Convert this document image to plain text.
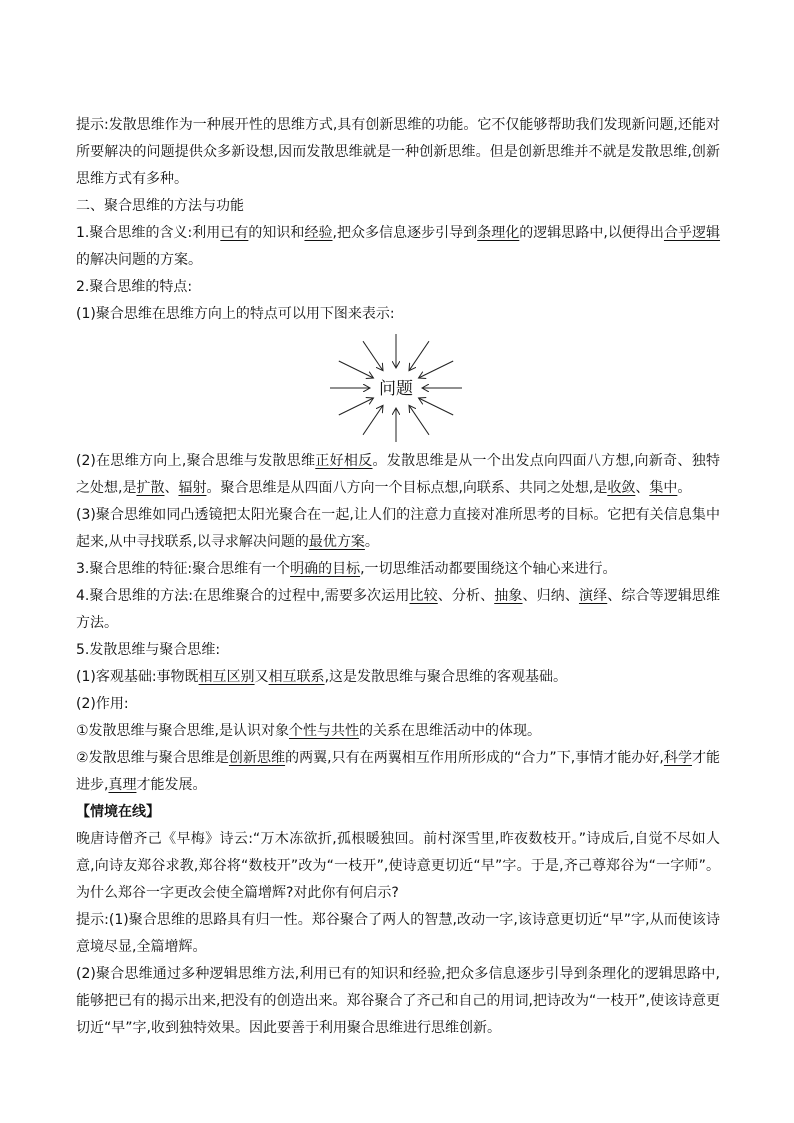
提示:发散思维作为一种展开性的思维方式,具有创新思维的功能。它不仅能够帮助我们发现新问题,还能对所要解决的问题提供众多新设想,因而发散思维就是一种创新思维。但是创新思维并不就是发散思维,创新思维方式有多种。

二、聚合思维的方法与功能

1.聚合思维的含义:利用已有的知识和经验,把众多信息逐步引导到条理化的逻辑思路中,以便得出合乎逻辑的解决问题的方案。

2.聚合思维的特点:

(1)聚合思维在思维方向上的特点可以用下图来表示:

问题

(2)在思维方向上,聚合思维与发散思维正好相反。发散思维是从一个出发点向四面八方想,向新奇、独特之处想,是扩散、辐射。聚合思维是从四面八方向一个目标点想,向联系、共同之处想,是收敛、集中。

(3)聚合思维如同凸透镜把太阳光聚合在一起,让人们的注意力直接对准所思考的目标。它把有关信息集中起来,从中寻找联系,以寻求解决问题的最优方案。

3.聚合思维的特征:聚合思维有一个明确的目标,一切思维活动都要围绕这个轴心来进行。

4.聚合思维的方法:在思维聚合的过程中,需要多次运用比较、分析、抽象、归纳、演绎、综合等逻辑思维方法。

5.发散思维与聚合思维:

(1)客观基础:事物既相互区别又相互联系,这是发散思维与聚合思维的客观基础。

(2)作用:

①发散思维与聚合思维,是认识对象个性与共性的关系在思维活动中的体现。

②发散思维与聚合思维是创新思维的两翼,只有在两翼相互作用所形成的“合力”下,事情才能办好,科学才能进步,真理才能发展。

【情境在线】

晚唐诗僧齐己《早梅》诗云:“万木冻欲折,孤根暖独回。前村深雪里,昨夜数枝开。”诗成后,自觉不尽如人意,向诗友郑谷求教,郑谷将“数枝开”改为“一枝开”,使诗意更切近“早”字。于是,齐己尊郑谷为“一字师”。为什么郑谷一字更改会使全篇增辉?对此你有何启示?

提示:(1)聚合思维的思路具有归一性。郑谷聚合了两人的智慧,改动一字,该诗意更切近“早”字,从而使该诗意境尽显,全篇增辉。

(2)聚合思维通过多种逻辑思维方法,利用已有的知识和经验,把众多信息逐步引导到条理化的逻辑思路中,能够把已有的揭示出来,把没有的创造出来。郑谷聚合了齐己和自己的用词,把诗改为“一枝开”,使该诗意更切近“早”字,收到独特效果。因此要善于利用聚合思维进行思维创新。
